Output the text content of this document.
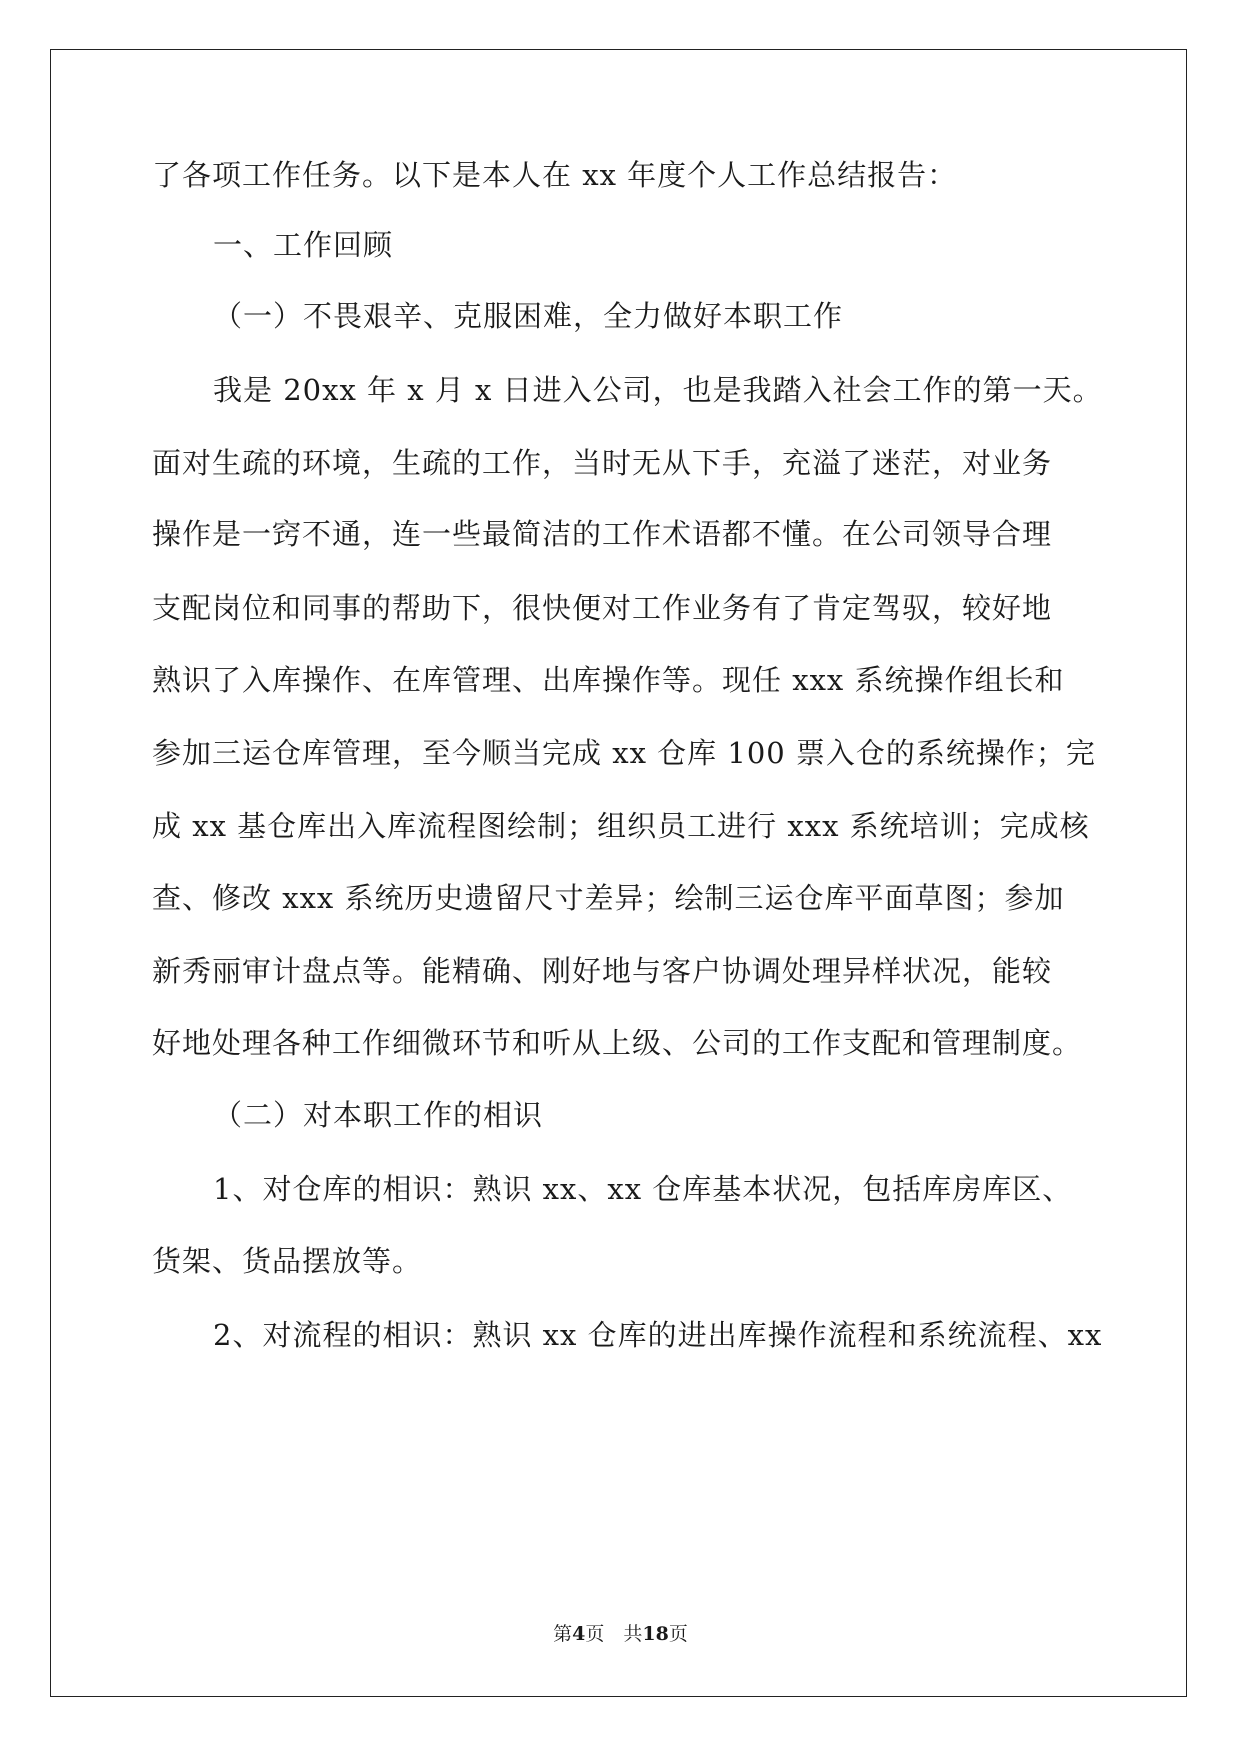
了各项工作任务。以下是本人在 xx 年度个人工作总结报告：
一、工作回顾
（一）不畏艰辛、克服困难，全力做好本职工作
我是 20xx 年 x 月 x 日进入公司，也是我踏入社会工作的第一天。
面对生疏的环境，生疏的工作，当时无从下手，充溢了迷茫，对业务
操作是一窍不通，连一些最简洁的工作术语都不懂。在公司领导合理
支配岗位和同事的帮助下，很快便对工作业务有了肯定驾驭，较好地
熟识了入库操作、在库管理、出库操作等。现任 xxx 系统操作组长和
参加三运仓库管理，至今顺当完成 xx 仓库 100 票入仓的系统操作；完
成 xx 基仓库出入库流程图绘制；组织员工进行 xxx 系统培训；完成核
查、修改 xxx 系统历史遗留尺寸差异；绘制三运仓库平面草图；参加
新秀丽审计盘点等。能精确、刚好地与客户协调处理异样状况，能较
好地处理各种工作细微环节和听从上级、公司的工作支配和管理制度。
（二）对本职工作的相识
1、对仓库的相识：熟识 xx、xx 仓库基本状况，包括库房库区、
货架、货品摆放等。
2、对流程的相识：熟识 xx 仓库的进出库操作流程和系统流程、xx
第4页　共18页
